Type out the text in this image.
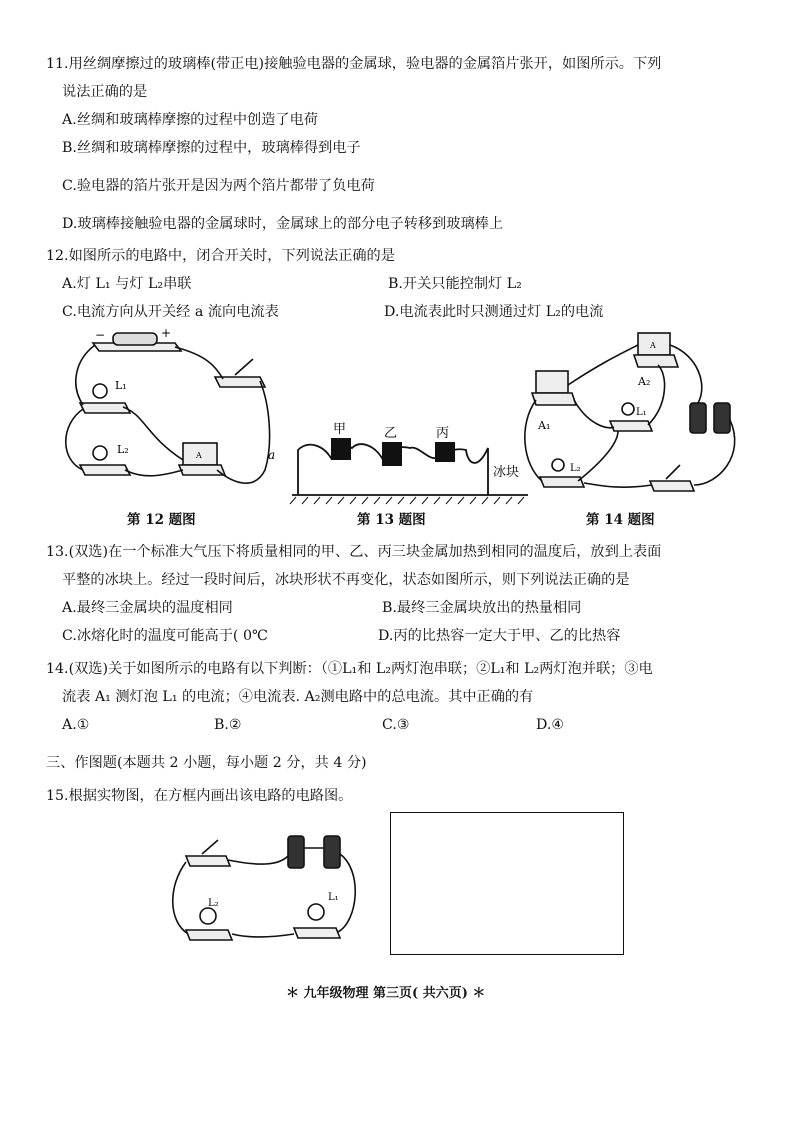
11.用丝绸摩擦过的玻璃棒(带正电)接触验电器的金属球，验电器的金属箔片张开，如图所示。下列
说法正确的是
A.丝绸和玻璃棒摩擦的过程中创造了电荷
B.丝绸和玻璃棒摩擦的过程中，玻璃棒得到电子
C.验电器的箔片张开是因为两个箔片都带了负电荷
D.玻璃棒接触验电器的金属球时，金属球上的部分电子转移到玻璃棒上
12.如图所示的电路中，闭合开关时，下列说法正确的是
A.灯 L₁ 与灯 L₂串联	B.开关只能控制灯 L₂
C.电流方向从开关经 a 流向电流表	D.电流表此时只测通过灯 L₂的电流
L₁
L₂	a
−	+
A
第 12 题图
甲	乙	丙
冰块
第 13 题图
A₂
A₁
L₁
L₂
A
第 14 题图
13.(双选)在一个标准大气压下将质量相同的甲、乙、丙三块金属加热到相同的温度后，放到上表面
平整的冰块上。经过一段时间后，冰块形状不再变化，状态如图所示，则下列说法正确的是
A.最终三金属块的温度相同	B.最终三金属块放出的热量相同
C.冰熔化时的温度可能高于( 0℃	D.丙的比热容一定大于甲、乙的比热容
14.(双选)关于如图所示的电路有以下判断：（①L₁和 L₂两灯泡串联；②L₁和 L₂两灯泡并联；③电
流表 A₁ 测灯泡 L₁ 的电流；④电流表. A₂测电路中的总电流。其中正确的有
A.①	B.②	C.③	D.④
三、作图题(本题共 2 小题，每小题 2 分，共 4 分)
15.根据实物图，在方框内画出该电路的电路图。
L₂
L₁
＊ 九年级物理 第三页( 共六页) ＊
